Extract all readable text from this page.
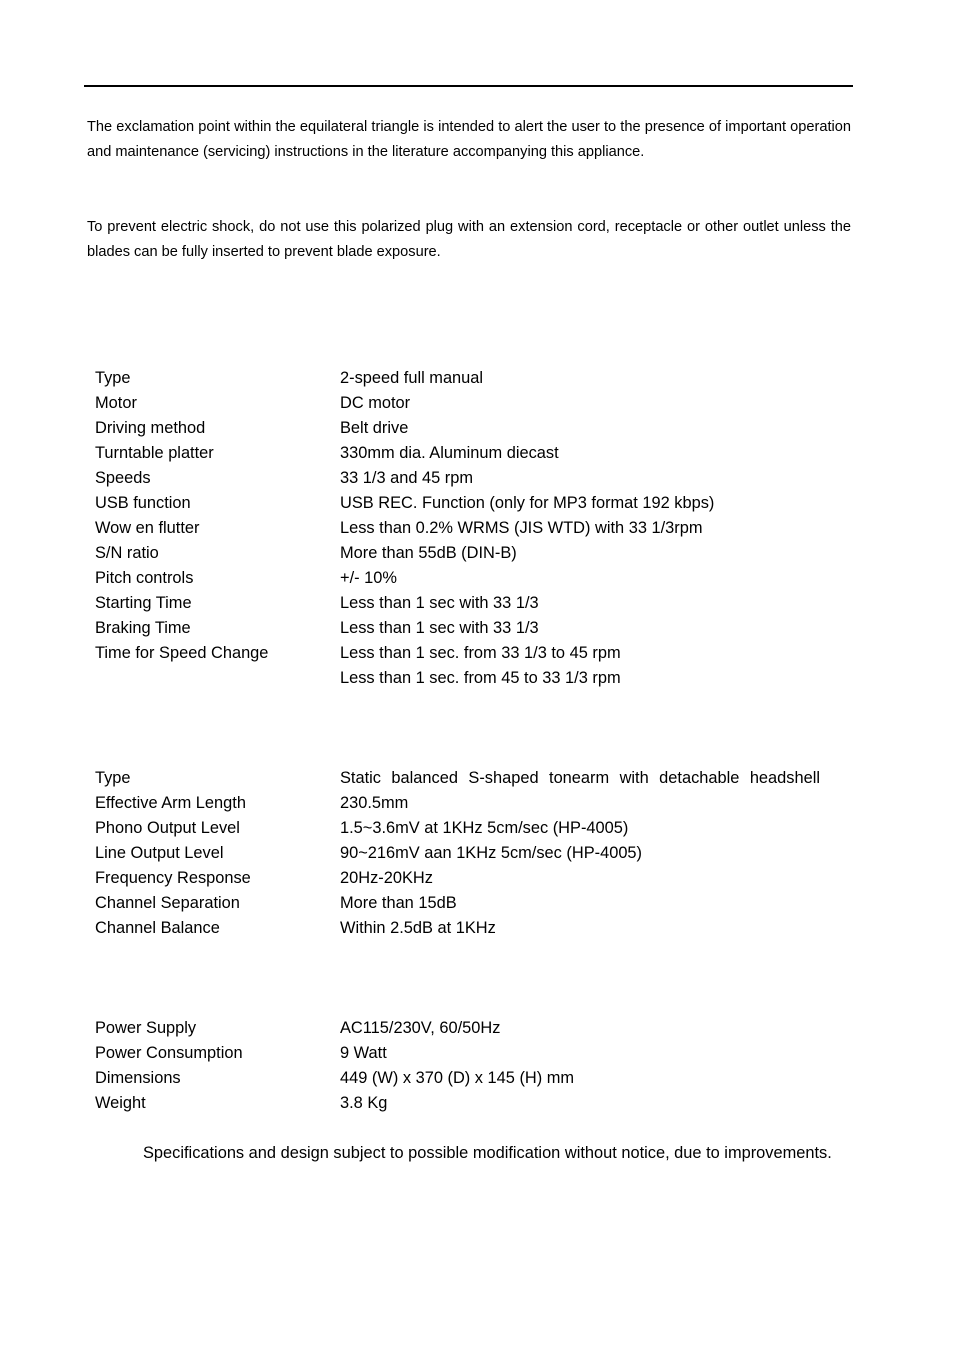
The exclamation point within the equilateral triangle is intended to alert the user to the presence of important operation and maintenance (servicing) instructions in the literature accompanying this appliance.

To prevent electric shock, do not use this polarized plug with an extension cord, receptacle or other outlet unless the blades can be fully inserted to prevent blade exposure.

Type	2-speed full manual
Motor	DC motor
Driving method	Belt drive
Turntable platter	330mm dia. Aluminum diecast
Speeds	33 1/3 and 45 rpm
USB function	USB REC. Function (only for MP3 format 192 kbps)
Wow en flutter	Less than 0.2% WRMS (JIS WTD) with 33 1/3rpm
S/N ratio	More than 55dB (DIN-B)
Pitch controls	+/- 10%
Starting Time	Less than 1 sec with 33 1/3
Braking Time	Less than 1 sec with 33 1/3
Time for Speed Change	Less than 1 sec. from 33 1/3 to 45 rpm
	Less than 1 sec. from 45 to 33 1/3 rpm
Type	Static balanced S-shaped tonearm with detachable headshell
Effective Arm Length	230.5mm
Phono Output Level	1.5~3.6mV at 1KHz 5cm/sec (HP-4005)
Line Output Level	90~216mV aan 1KHz 5cm/sec (HP-4005)
Frequency Response	20Hz-20KHz
Channel Separation	More than 15dB
Channel Balance	Within 2.5dB at 1KHz
Power Supply	AC115/230V, 60/50Hz
Power Consumption	9 Watt
Dimensions	449 (W) x 370 (D) x 145 (H) mm
Weight	3.8 Kg

Specifications and design subject to possible modification without notice, due to improvements.
